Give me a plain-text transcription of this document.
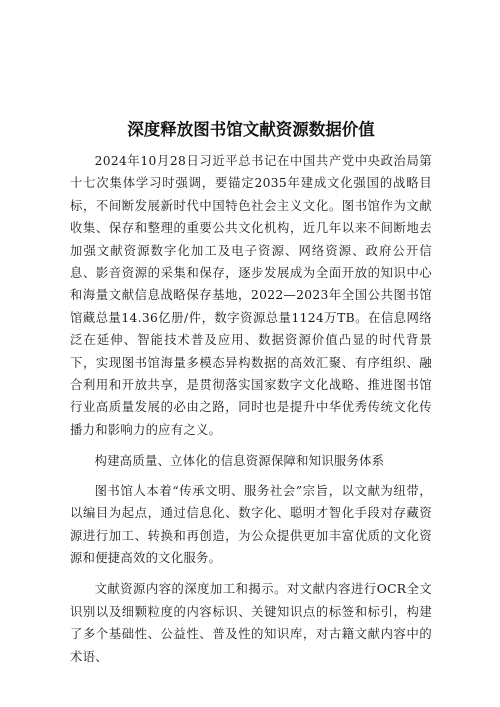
深度释放图书馆文献资源数据价值

2024年10月28日习近平总书记在中国共产党中央政治局第十七次集体学习时强调，要锚定2035年建成文化强国的战略目标，不间断发展新时代中国特色社会主义文化。图书馆作为文献收集、保存和整理的重要公共文化机构，近几年以来不间断地去加强文献资源数字化加工及电子资源、网络资源、政府公开信息、影音资源的采集和保存，逐步发展成为全面开放的知识中心和海量文献信息战略保存基地，2022—2023年全国公共图书馆馆藏总量14.36亿册/件，数字资源总量1124万TB。在信息网络泛在延伸、智能技术普及应用、数据资源价值凸显的时代背景下，实现图书馆海量多模态异构数据的高效汇聚、有序组织、融合利用和开放共享，是贯彻落实国家数字文化战略、推进图书馆行业高质量发展的必由之路，同时也是提升中华优秀传统文化传播力和影响力的应有之义。

构建高质量、立体化的信息资源保障和知识服务体系

图书馆人本着“传承文明、服务社会”宗旨，以文献为纽带，以编目为起点，通过信息化、数字化、聪明才智化手段对存藏资源进行加工、转换和再创造，为公众提供更加丰富优质的文化资源和便捷高效的文化服务。

文献资源内容的深度加工和揭示。对文献内容进行OCR全文识别以及细颗粒度的内容标识、关键知识点的标签和标引，构建了多个基础性、公益性、普及性的知识库，对古籍文献内容中的术语、
